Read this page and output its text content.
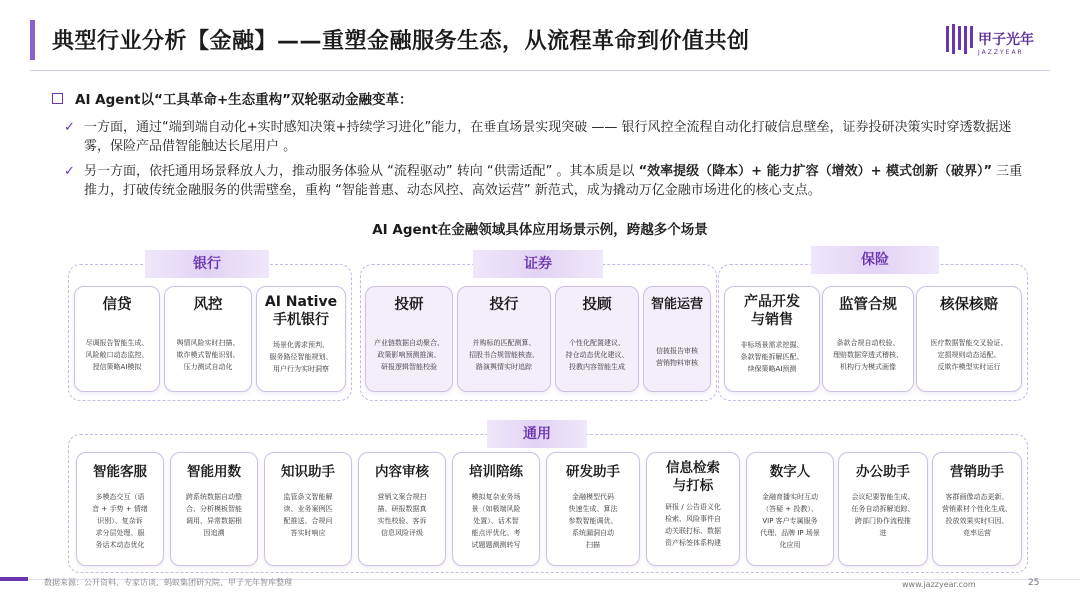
典型行业分析【金融】——重塑金融服务生态，从流程革命到价值共创	甲子光年
JAZZYEAR
AI Agent以“工具革命+生态重构”双轮驱动金融变革：
✓ 一方面，通过“端到端自动化+实时感知决策+持续学习进化”能力，在垂直场景实现突破 —— 银行风控全流程自动化打破信息壁垒，证券投研决策实时穿透数据迷雾，保险产品借智能触达长尾用户 。
✓ 另一方面，依托通用场景释放人力，推动服务体验从 “流程驱动” 转向 “供需适配” 。其本质是以 “效率提级（降本）+ 能力扩容（增效）+ 模式创新（破界）” 三重推力，打破传统金融服务的供需壁垒，重构 “智能普惠、动态风控、高效运营” 新范式，成为撬动万亿金融市场进化的核心支点。
AI Agent在金融领域具体应用场景示例，跨越多个场景
银行	证券	保险
通用
信贷
尽调报告智能生成、
风险敞口动态监控、
授信策略AI模拟
风控
舆情风险实时扫描、
欺诈模式智能识别、
压力测试自动化
AI Native
手机银行
场景化需求预判、
服务路径智能规划、
用户行为实时洞察
投研
产业链数据自动聚合、
政策影响预测推演、
研报逻辑智能校验
投行
并购标的匹配测算、
招股书合规智能核查、
路演舆情实时追踪
投顾
个性化配置建议、
持仓动态优化建议、
投教内容智能生成
智能运营
信披报告审核
营销物料审核
产品开发
与销售
非标场景需求挖掘、
条款智能拆解匹配、
续保策略AI预测
监管合规
条款合规自动校验、
理赔数据穿透式稽核、
机构行为模式画像
核保核赔
医疗数据智能交叉验证、
定损规则动态适配、
反欺诈模型实时运行
智能客服
多模态交互（语
音 + 手势 + 情绪
识别）、复杂诉
求分层处理、服
务话术动态优化
智能用数
跨系统数据自动整
合、分析模板智能
调用、异常数据根
因追溯
知识助手
监管条文智能解
读、业务案例匹
配推送、合规问
答实时响应
内容审核
营销文案合规扫
描、研报数据真
实性校验、客诉
信息风险评级
培训陪练
模拟复杂业务场
景（如极端风险
处置）、话术智
能点评优化、考
试题题测测转写
研发助手
金融模型代码
快速生成、算法
参数智能调优、
系统漏洞自动
扫描
信息检索
与打标
研报 / 公告语义化
检索、风险事件自
动关联打标、数据
资产标签体系构建
数字人
金融育播实时互动
（答疑 + 投教）、
VIP 客户专属服务
代理、品牌 IP 场景
化应用
办公助手
会议纪要智能生成、
任务自动拆解追踪、
跨部门协作流程推
进
营销助手
客群画像动态更新、
营销素材个性化生成、
投放效果实时归因、
竞率运营
数据来源：公开资料、专家访谈、蚂蚁集团研究院、甲子光年智库整理	www.jazzyear.com	25
